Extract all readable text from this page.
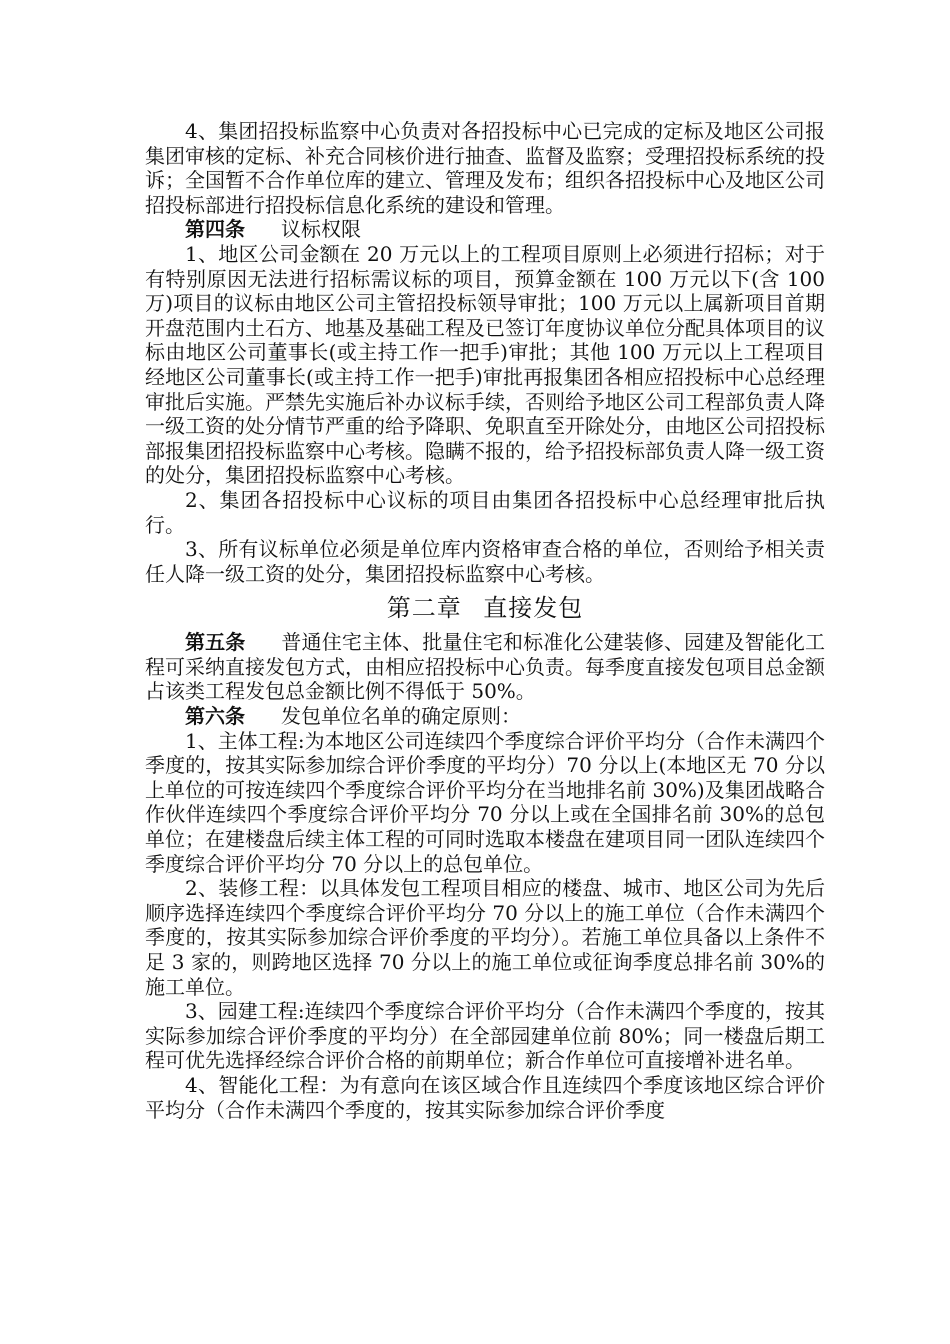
4、集团招投标监察中心负责对各招投标中心已完成的定标及地区公司报集团审核的定标、补充合同核价进行抽查、监督及监察；受理招投标系统的投诉；全国暂不合作单位库的建立、管理及发布；组织各招投标中心及地区公司招投标部进行招投标信息化系统的建设和管理。

第四条 议标权限

1、地区公司金额在 20 万元以上的工程项目原则上必须进行招标；对于有特别原因无法进行招标需议标的项目，预算金额在 100 万元以下(含 100 万)项目的议标由地区公司主管招投标领导审批；100 万元以上属新项目首期开盘范围内土石方、地基及基础工程及已签订年度协议单位分配具体项目的议标由地区公司董事长(或主持工作一把手)审批；其他 100 万元以上工程项目经地区公司董事长(或主持工作一把手)审批再报集团各相应招投标中心总经理审批后实施。严禁先实施后补办议标手续，否则给予地区公司工程部负责人降一级工资的处分情节严重的给予降职、免职直至开除处分，由地区公司招投标部报集团招投标监察中心考核。隐瞒不报的，给予招投标部负责人降一级工资的处分，集团招投标监察中心考核。

2、集团各招投标中心议标的项目由集团各招投标中心总经理审批后执行。

3、所有议标单位必须是单位库内资格审查合格的单位，否则给予相关责任人降一级工资的处分，集团招投标监察中心考核。

第二章 直接发包
第五条 普通住宅主体、批量住宅和标准化公建装修、园建及智能化工程可采纳直接发包方式，由相应招投标中心负责。每季度直接发包项目总金额占该类工程发包总金额比例不得低于 50%。
第六条 发包单位名单的确定原则：

1、主体工程:为本地区公司连续四个季度综合评价平均分（合作未满四个季度的，按其实际参加综合评价季度的平均分）70 分以上(本地区无 70 分以上单位的可按连续四个季度综合评价平均分在当地排名前 30%)及集团战略合作伙伴连续四个季度综合评价平均分 70 分以上或在全国排名前 30%的总包单位；在建楼盘后续主体工程的可同时选取本楼盘在建项目同一团队连续四个季度综合评价平均分 70 分以上的总包单位。

2、装修工程：以具体发包工程项目相应的楼盘、城市、地区公司为先后顺序选择连续四个季度综合评价平均分 70 分以上的施工单位（合作未满四个季度的，按其实际参加综合评价季度的平均分）。若施工单位具备以上条件不足 3 家的，则跨地区选择 70 分以上的施工单位或征询季度总排名前 30%的施工单位。

3、园建工程:连续四个季度综合评价平均分（合作未满四个季度的，按其实际参加综合评价季度的平均分）在全部园建单位前 80%；同一楼盘后期工程可优先选择经综合评价合格的前期单位；新合作单位可直接增补进名单。

4、智能化工程：为有意向在该区域合作且连续四个季度该地区综合评价平均分（合作未满四个季度的，按其实际参加综合评价季度
